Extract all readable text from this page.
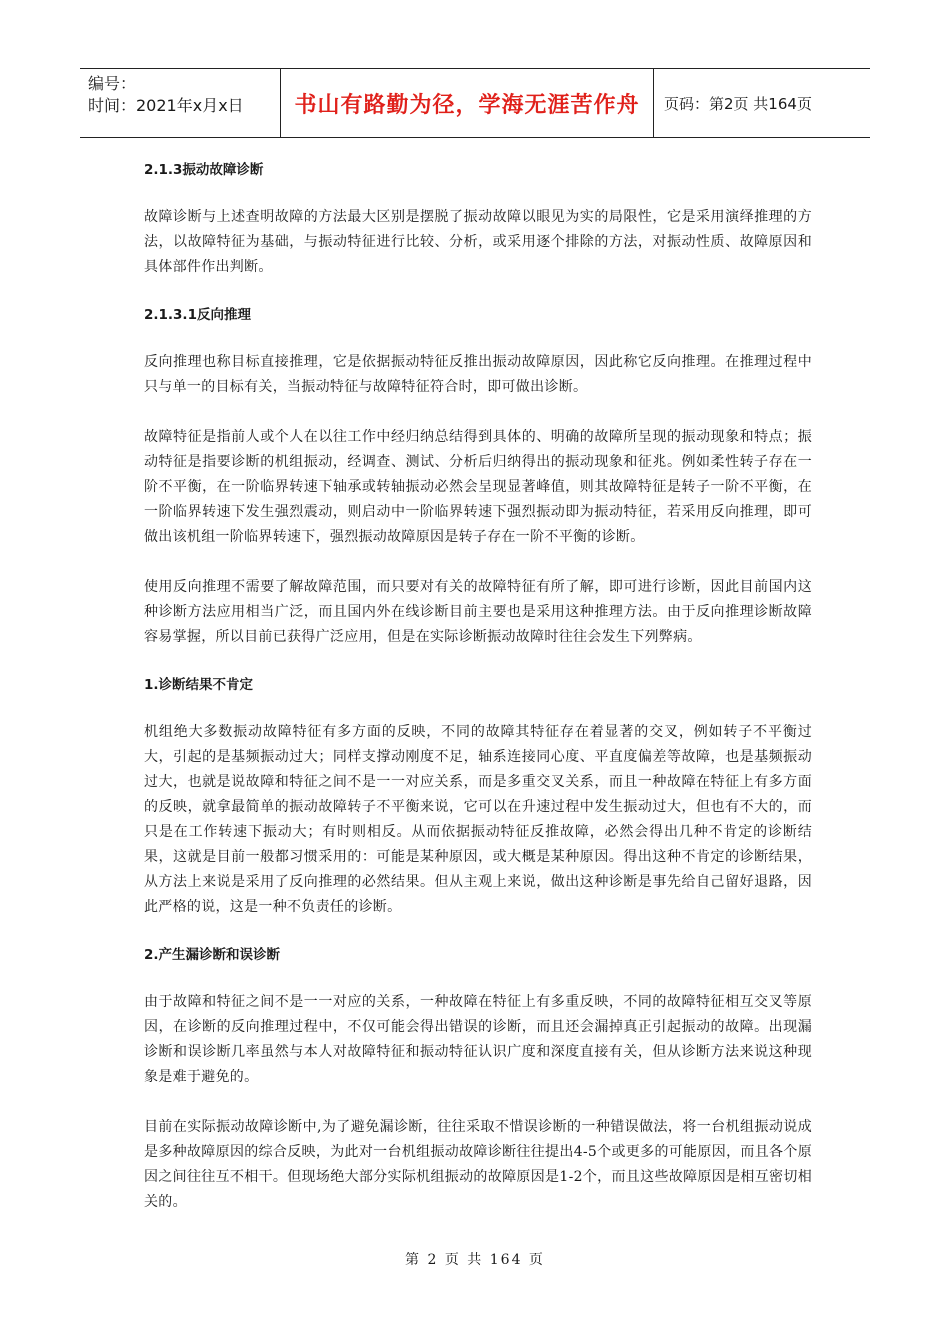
编号：
时间：2021年x月x日	书山有路勤为径，学海无涯苦作舟	页码：第2页 共164页
2.1.3振动故障诊断
故障诊断与上述查明故障的方法最大区别是摆脱了振动故障以眼见为实的局限性，它是采用演绎推理的方法，以故障特征为基础，与振动特征进行比较、分析，或采用逐个排除的方法，对振动性质、故障原因和具体部件作出判断。
2.1.3.1反向推理
反向推理也称目标直接推理，它是依据振动特征反推出振动故障原因，因此称它反向推理。在推理过程中只与单一的目标有关，当振动特征与故障特征符合时，即可做出诊断。
故障特征是指前人或个人在以往工作中经归纳总结得到具体的、明确的故障所呈现的振动现象和特点；振动特征是指要诊断的机组振动，经调查、测试、分析后归纳得出的振动现象和征兆。例如柔性转子存在一阶不平衡，在一阶临界转速下轴承或转轴振动必然会呈现显著峰值，则其故障特征是转子一阶不平衡，在一阶临界转速下发生强烈震动，则启动中一阶临界转速下强烈振动即为振动特征，若采用反向推理，即可做出该机组一阶临界转速下，强烈振动故障原因是转子存在一阶不平衡的诊断。
使用反向推理不需要了解故障范围，而只要对有关的故障特征有所了解，即可进行诊断，因此目前国内这种诊断方法应用相当广泛，而且国内外在线诊断目前主要也是采用这种推理方法。由于反向推理诊断故障容易掌握，所以目前已获得广泛应用，但是在实际诊断振动故障时往往会发生下列弊病。
1.诊断结果不肯定
机组绝大多数振动故障特征有多方面的反映，不同的故障其特征存在着显著的交叉，例如转子不平衡过大，引起的是基频振动过大；同样支撑动刚度不足，轴系连接同心度、平直度偏差等故障，也是基频振动过大，也就是说故障和特征之间不是一一对应关系，而是多重交叉关系，而且一种故障在特征上有多方面的反映，就拿最简单的振动故障转子不平衡来说，它可以在升速过程中发生振动过大，但也有不大的，而只是在工作转速下振动大；有时则相反。从而依据振动特征反推故障，必然会得出几种不肯定的诊断结果，这就是目前一般都习惯采用的：可能是某种原因，或大概是某种原因。得出这种不肯定的诊断结果，从方法上来说是采用了反向推理的必然结果。但从主观上来说，做出这种诊断是事先给自己留好退路，因此严格的说，这是一种不负责任的诊断。
2.产生漏诊断和误诊断
由于故障和特征之间不是一一对应的关系，一种故障在特征上有多重反映，不同的故障特征相互交叉等原因，在诊断的反向推理过程中，不仅可能会得出错误的诊断，而且还会漏掉真正引起振动的故障。出现漏诊断和误诊断几率虽然与本人对故障特征和振动特征认识广度和深度直接有关，但从诊断方法来说这种现象是难于避免的。
目前在实际振动故障诊断中,为了避免漏诊断，往往采取不惜误诊断的一种错误做法，将一台机组振动说成是多种故障原因的综合反映，为此对一台机组振动故障诊断往往提出4-5个或更多的可能原因，而且各个原因之间往往互不相干。但现场绝大部分实际机组振动的故障原因是1-2个，而且这些故障原因是相互密切相关的。
第 2 页 共 164 页
